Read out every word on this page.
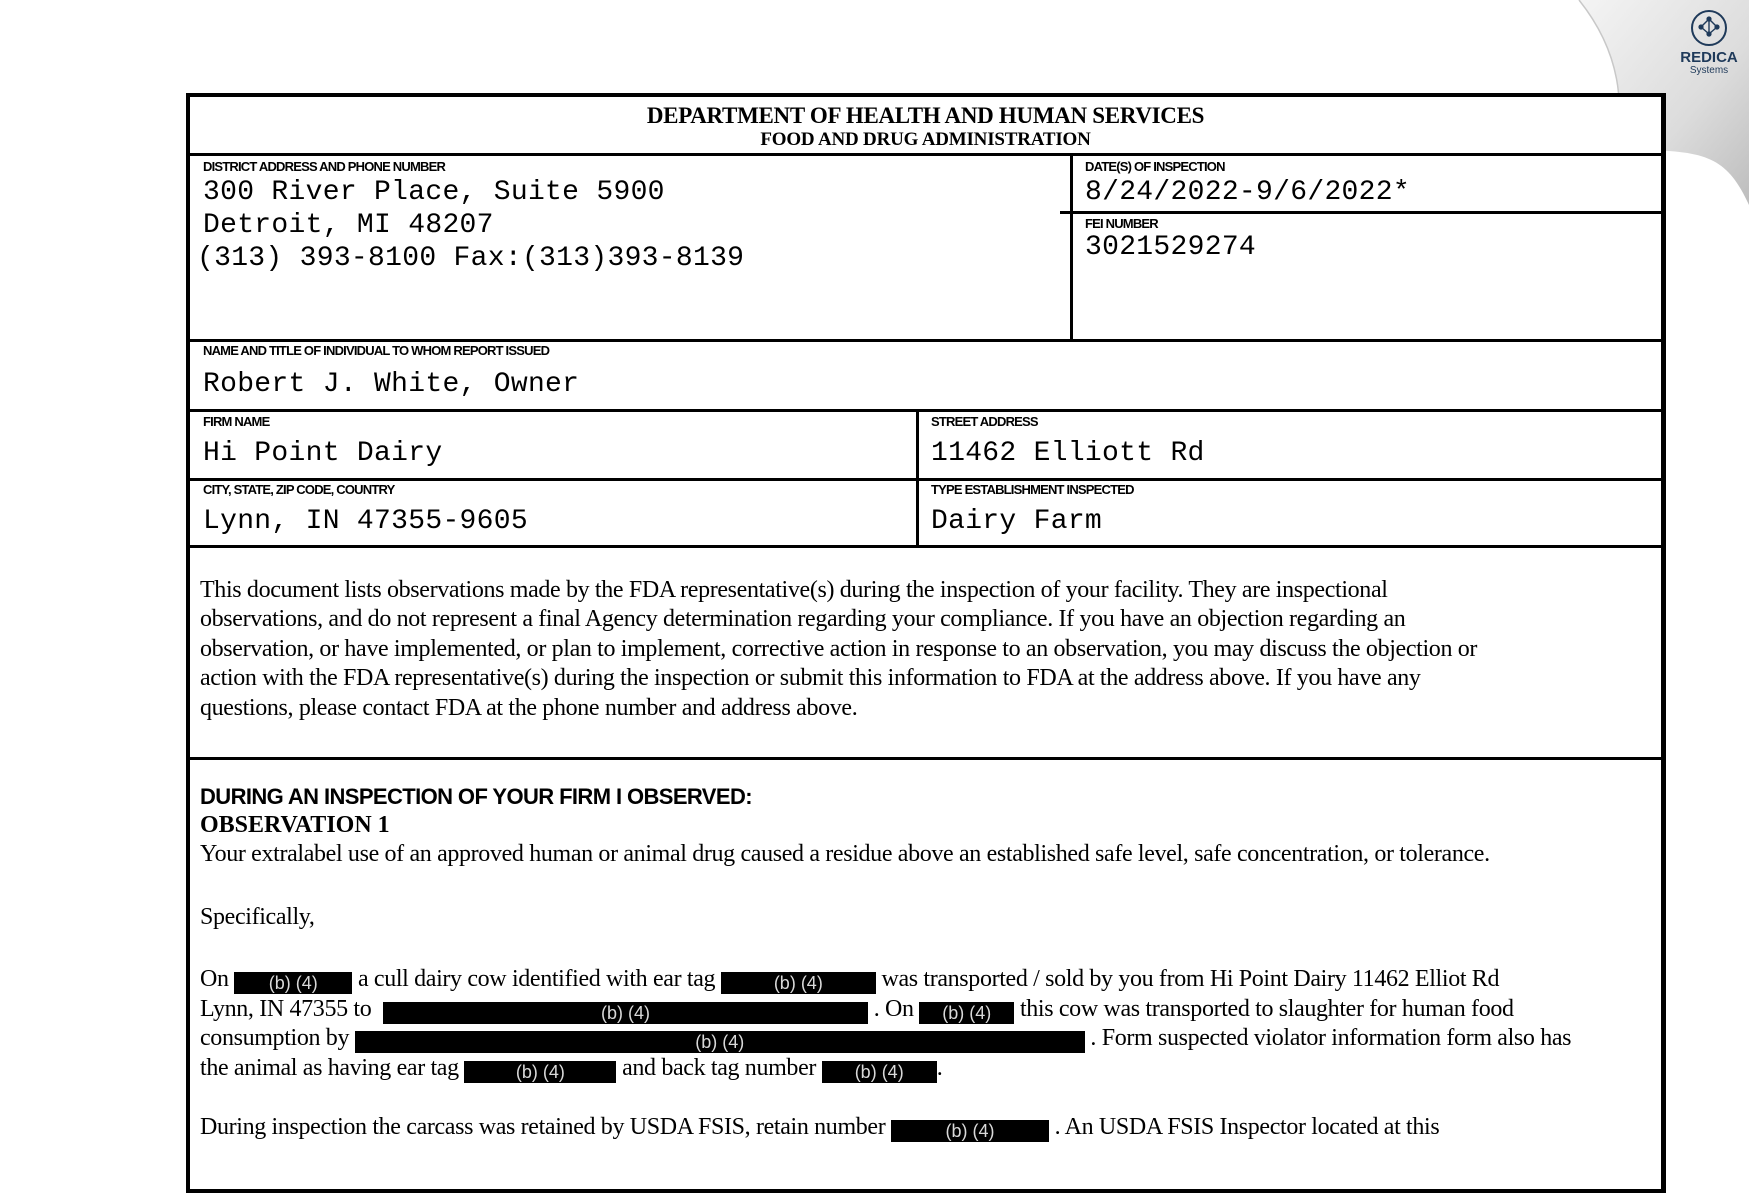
DEPARTMENT OF HEALTH AND HUMAN SERVICES
FOOD AND DRUG ADMINISTRATION
DISTRICT ADDRESS AND PHONE NUMBER
300 River Place, Suite 5900
Detroit, MI 48207
(313) 393-8100 Fax:(313)393-8139
DATE(S) OF INSPECTION
8/24/2022-9/6/2022*
FEI NUMBER
3021529274
NAME AND TITLE OF INDIVIDUAL TO WHOM REPORT ISSUED
Robert J. White, Owner
FIRM NAME
Hi Point Dairy
STREET ADDRESS
11462 Elliott Rd
CITY, STATE, ZIP CODE, COUNTRY
Lynn, IN 47355-9605
TYPE ESTABLISHMENT INSPECTED
Dairy Farm
This document lists observations made by the FDA representative(s) during the inspection of your facility. They are inspectional
observations, and do not represent a final Agency determination regarding your compliance. If you have an objection regarding an
observation, or have implemented, or plan to implement, corrective action in response to an observation, you may discuss the objection or
action with the FDA representative(s) during the inspection or submit this information to FDA at the address above. If you have any
questions, please contact FDA at the phone number and address above.
DURING AN INSPECTION OF YOUR FIRM I OBSERVED:
OBSERVATION 1
Your extralabel use of an approved human or animal drug caused a residue above an established safe level, safe concentration, or tolerance.
Specifically,
On (b) (4) a cull dairy cow identified with ear tag	(b) (4) was transported / sold by you from Hi Point Dairy 11462 Elliot Rd
Lynn, IN 47355 to	(b) (4)	. On (b) (4) this cow was transported to slaughter for human food
consumption by	(b) (4)	. Form suspected violator information form also has
the animal as having ear tag	(b) (4) and back tag number (b) (4) .
During inspection the carcass was retained by USDA FSIS, retain number	(b) (4)	. An USDA FSIS Inspector located at this
REDICA
Systems
